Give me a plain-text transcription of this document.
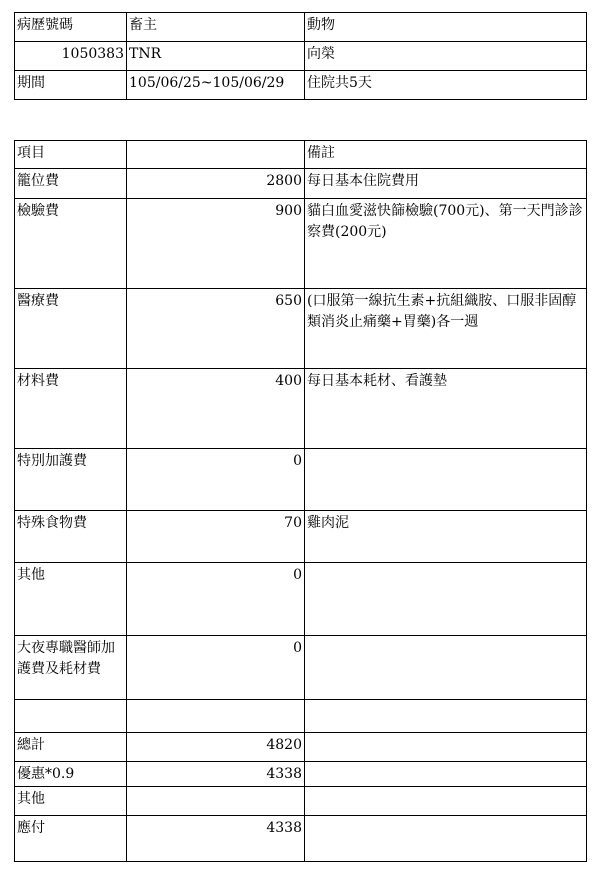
病歷號碼	畜主	動物
1050383	TNR	向榮
期間	105/06/25~105/06/29	住院共5天
項目		備註
籠位費	2800	每日基本住院費用
檢驗費	900	貓白血愛滋快篩檢驗(700元)、第一天門診診察費(200元)
醫療費	650	(口服第一線抗生素+抗組織胺、口服非固醇類消炎止痛藥+胃藥)各一週
材料費	400	每日基本耗材、看護墊
特別加護費	0	
特殊食物費	70	雞肉泥
其他	0	
大夜專職醫師加護費及耗材費	0	

總計	4820	
優惠*0.9	4338	
其他		
應付	4338	
